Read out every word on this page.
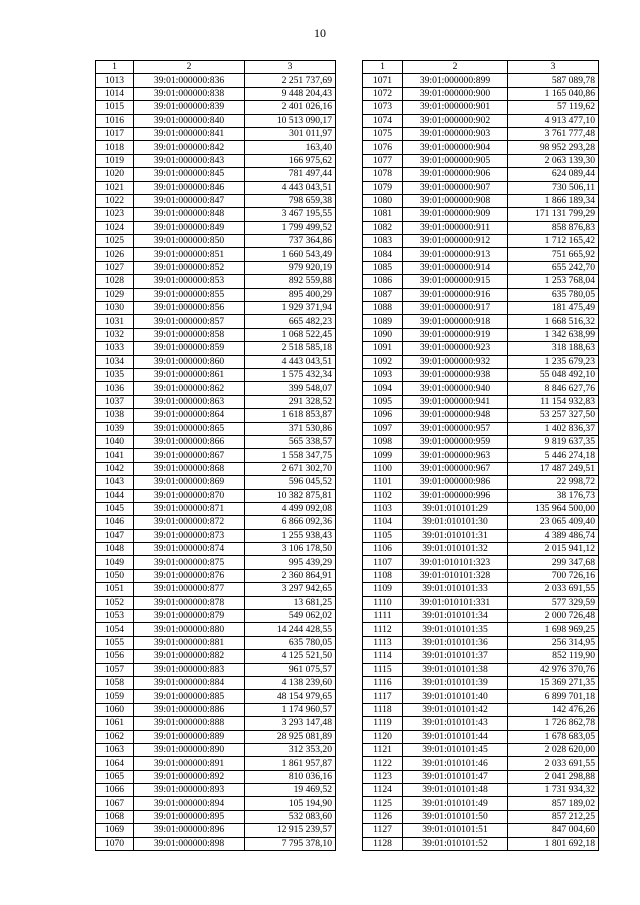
10
1	2	3
1013	39:01:000000:836	2 251 737,69
1014	39:01:000000:838	9 448 204,43
1015	39:01:000000:839	2 401 026,16
1016	39:01:000000:840	10 513 090,17
1017	39:01:000000:841	301 011,97
1018	39:01:000000:842	163,40
1019	39:01:000000:843	166 975,62
1020	39:01:000000:845	781 497,44
1021	39:01:000000:846	4 443 043,51
1022	39:01:000000:847	798 659,38
1023	39:01:000000:848	3 467 195,55
1024	39:01:000000:849	1 799 499,52
1025	39:01:000000:850	737 364,86
1026	39:01:000000:851	1 660 543,49
1027	39:01:000000:852	979 920,19
1028	39:01:000000:853	892 559,88
1029	39:01:000000:855	895 400,29
1030	39:01:000000:856	1 929 371,94
1031	39:01:000000:857	665 482,23
1032	39:01:000000:858	1 068 522,45
1033	39:01:000000:859	2 518 585,18
1034	39:01:000000:860	4 443 043,51
1035	39:01:000000:861	1 575 432,34
1036	39:01:000000:862	399 548,07
1037	39:01:000000:863	291 328,52
1038	39:01:000000:864	1 618 853,87
1039	39:01:000000:865	371 530,86
1040	39:01:000000:866	565 338,57
1041	39:01:000000:867	1 558 347,75
1042	39:01:000000:868	2 671 302,70
1043	39:01:000000:869	596 045,52
1044	39:01:000000:870	10 382 875,81
1045	39:01:000000:871	4 499 092,08
1046	39:01:000000:872	6 866 092,36
1047	39:01:000000:873	1 255 938,43
1048	39:01:000000:874	3 106 178,50
1049	39:01:000000:875	995 439,29
1050	39:01:000000:876	2 360 864,91
1051	39:01:000000:877	3 297 942,65
1052	39:01:000000:878	13 681,25
1053	39:01:000000:879	549 062,02
1054	39:01:000000:880	14 244 428,55
1055	39:01:000000:881	635 780,05
1056	39:01:000000:882	4 125 521,50
1057	39:01:000000:883	961 075,57
1058	39:01:000000:884	4 138 239,60
1059	39:01:000000:885	48 154 979,65
1060	39:01:000000:886	1 174 960,57
1061	39:01:000000:888	3 293 147,48
1062	39:01:000000:889	28 925 081,89
1063	39:01:000000:890	312 353,20
1064	39:01:000000:891	1 861 957,87
1065	39:01:000000:892	810 036,16
1066	39:01:000000:893	19 469,52
1067	39:01:000000:894	105 194,90
1068	39:01:000000:895	532 083,60
1069	39:01:000000:896	12 915 239,57
1070	39:01:000000:898	7 795 378,10
1	2	3
1071	39:01:000000:899	587 089,78
1072	39:01:000000:900	1 165 040,86
1073	39:01:000000:901	57 119,62
1074	39:01:000000:902	4 913 477,10
1075	39:01:000000:903	3 761 777,48
1076	39:01:000000:904	98 952 293,28
1077	39:01:000000:905	2 063 139,30
1078	39:01:000000:906	624 089,44
1079	39:01:000000:907	730 506,11
1080	39:01:000000:908	1 866 189,34
1081	39:01:000000:909	171 131 799,29
1082	39:01:000000:911	858 876,83
1083	39:01:000000:912	1 712 165,42
1084	39:01:000000:913	751 665,92
1085	39:01:000000:914	655 242,70
1086	39:01:000000:915	1 253 768,04
1087	39:01:000000:916	635 780,05
1088	39:01:000000:917	181 475,49
1089	39:01:000000:918	1 668 516,32
1090	39:01:000000:919	1 342 638,99
1091	39:01:000000:923	318 188,63
1092	39:01:000000:932	1 235 679,23
1093	39:01:000000:938	55 048 492,10
1094	39:01:000000:940	8 846 627,76
1095	39:01:000000:941	11 154 932,83
1096	39:01:000000:948	53 257 327,50
1097	39:01:000000:957	1 402 836,37
1098	39:01:000000:959	9 819 637,35
1099	39:01:000000:963	5 446 274,18
1100	39:01:000000:967	17 487 249,51
1101	39:01:000000:986	22 998,72
1102	39:01:000000:996	38 176,73
1103	39:01:010101:29	135 964 500,00
1104	39:01:010101:30	23 065 409,40
1105	39:01:010101:31	4 389 486,74
1106	39:01:010101:32	2 015 941,12
1107	39:01:010101:323	299 347,68
1108	39:01:010101:328	700 726,16
1109	39:01:010101:33	2 033 691,55
1110	39:01:010101:331	577 329,59
1111	39:01:010101:34	2 000 726,48
1112	39:01:010101:35	1 698 969,25
1113	39:01:010101:36	256 314,95
1114	39:01:010101:37	852 119,90
1115	39:01:010101:38	42 976 370,76
1116	39:01:010101:39	15 369 271,35
1117	39:01:010101:40	6 899 701,18
1118	39:01:010101:42	142 476,26
1119	39:01:010101:43	1 726 862,78
1120	39:01:010101:44	1 678 683,05
1121	39:01:010101:45	2 028 620,00
1122	39:01:010101:46	2 033 691,55
1123	39:01:010101:47	2 041 298,88
1124	39:01:010101:48	1 731 934,32
1125	39:01:010101:49	857 189,02
1126	39:01:010101:50	857 212,25
1127	39:01:010101:51	847 004,60
1128	39:01:010101:52	1 801 692,18
